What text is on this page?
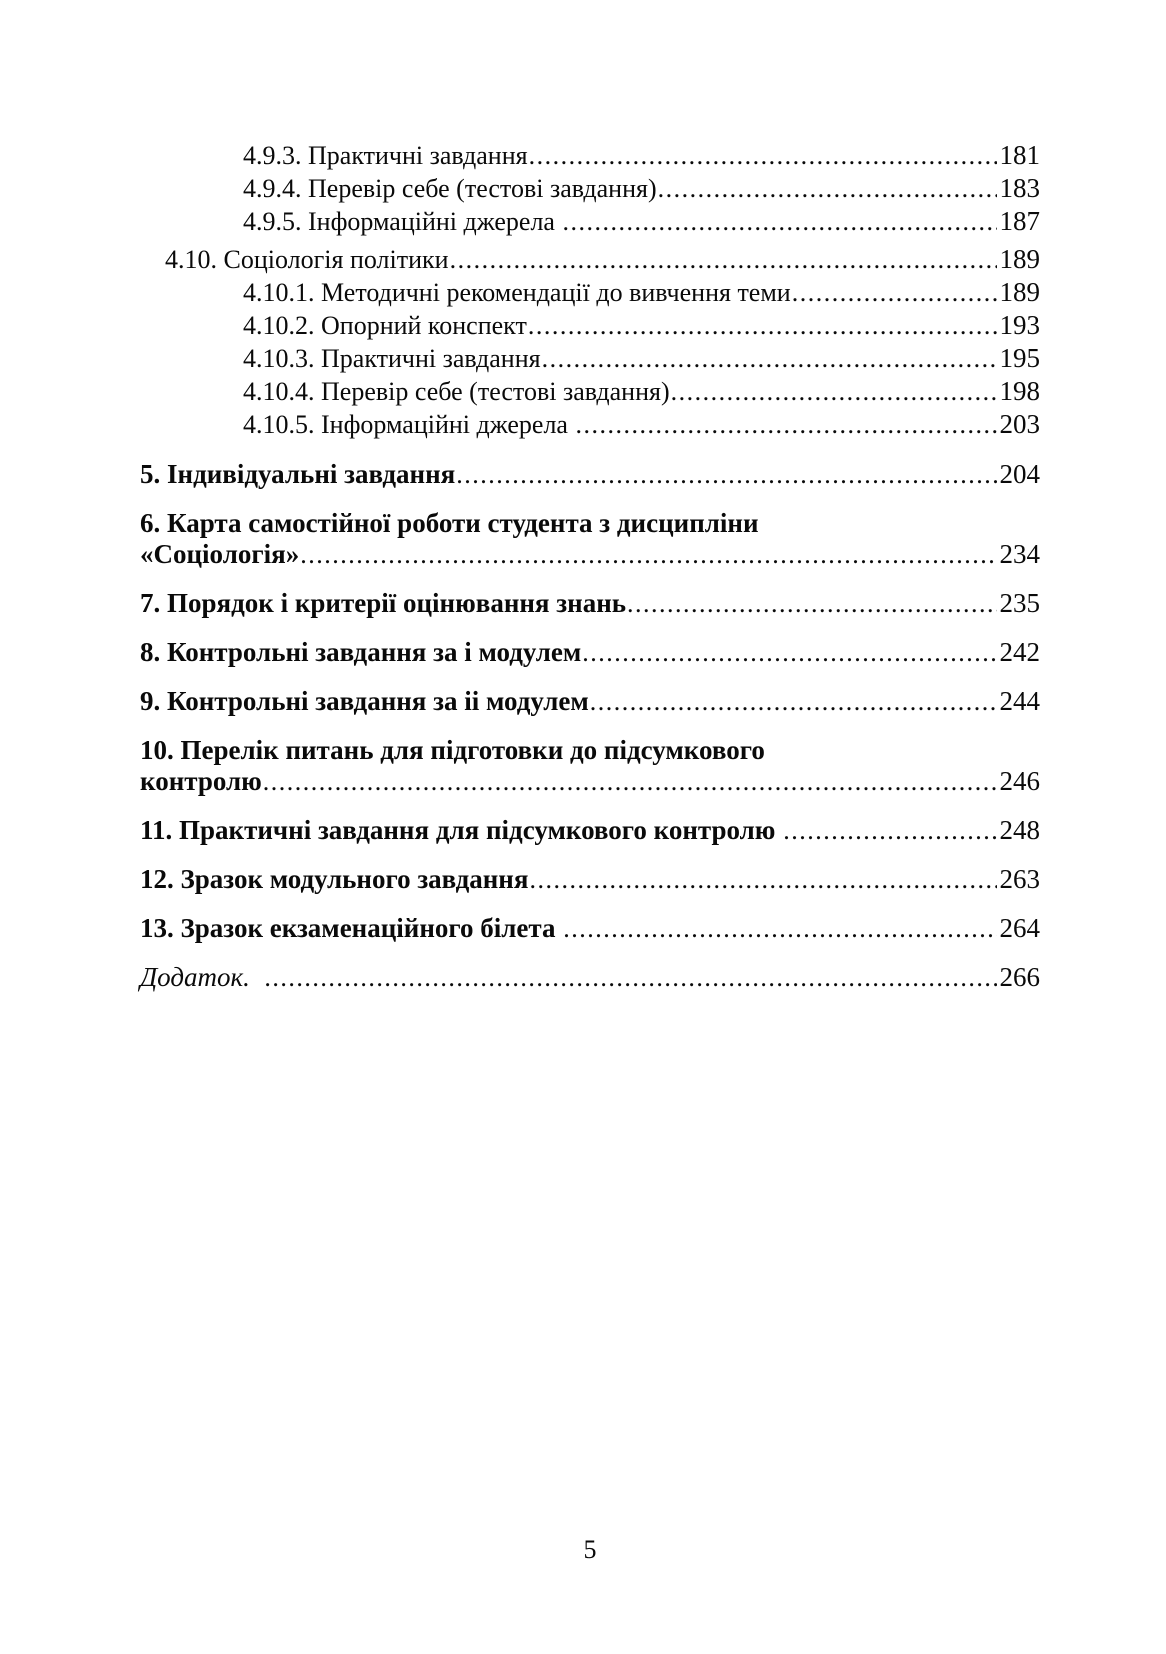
4.9.3. Практичні завдання .....	181
4.9.4. Перевір себе (тестові завдання) .....	183
4.9.5. Інформаційні джерела .....	187
4.10. Соціологія політики .....	189
4.10.1. Методичні рекомендації до вивчення теми .....	189
4.10.2. Опорний конспект .....	193
4.10.3. Практичні завдання .....	195
4.10.4. Перевір себе (тестові завдання) .....	198
4.10.5. Інформаційні джерела .....	203
5. Індивідуальні завдання .....	204
6. Карта самостійної роботи студента з дисципліни
«Соціологія» .....	234
7. Порядок і критерії оцінювання знань .....	235
8. Контрольні завдання за і модулем .....	242
9. Контрольні завдання за іі модулем .....	244
10. Перелік питань для підготовки до підсумкового
контролю .....	246
11. Практичні завдання для підсумкового контролю .....	248
12. Зразок модульного завдання .....	263
13. Зразок екзаменаційного білета .....	264
Додаток. .....	266
5
